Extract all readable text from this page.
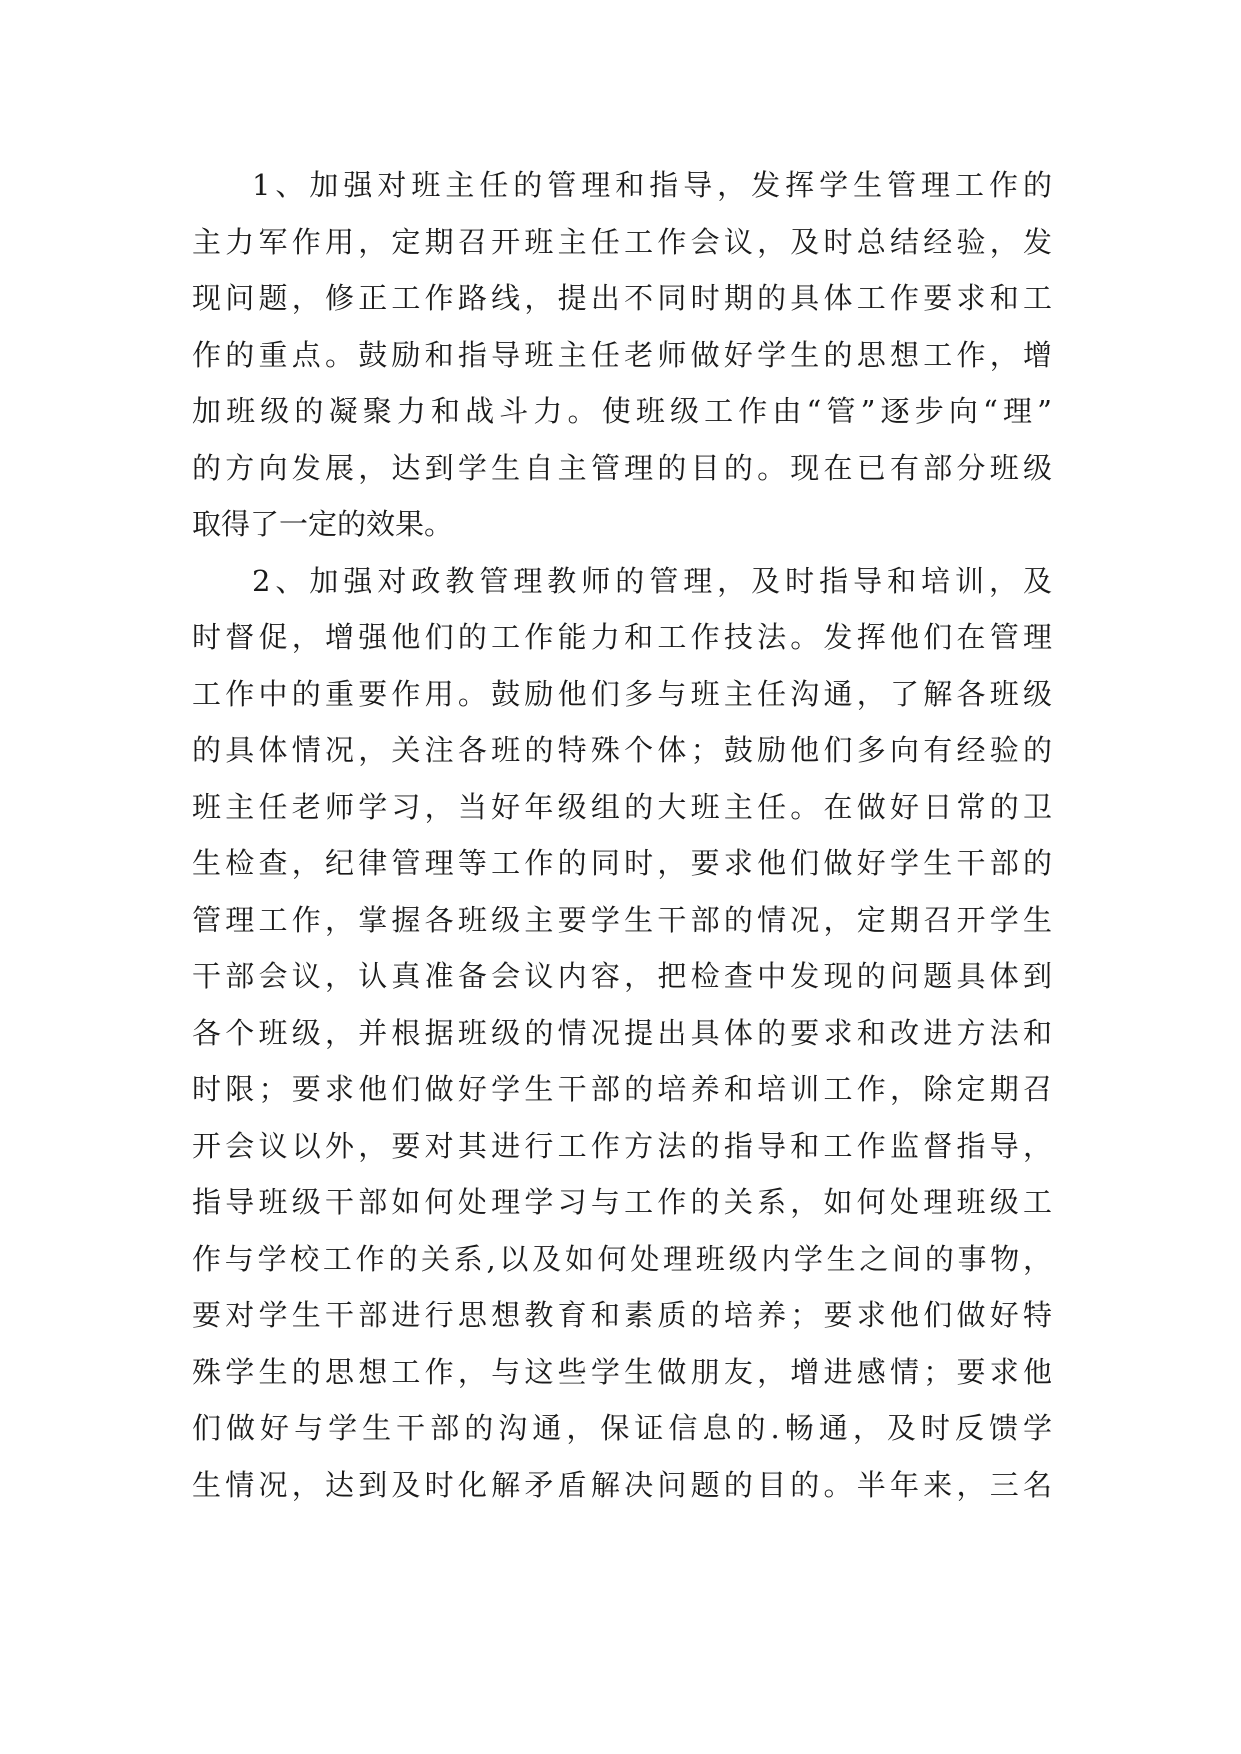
1、加强对班主任的管理和指导，发挥学生管理工作的
主力军作用，定期召开班主任工作会议，及时总结经验，发
现问题，修正工作路线，提出不同时期的具体工作要求和工
作的重点。鼓励和指导班主任老师做好学生的思想工作，增
加班级的凝聚力和战斗力。使班级工作由“管”逐步向“理”
的方向发展，达到学生自主管理的目的。现在已有部分班级
取得了一定的效果。
2、加强对政教管理教师的管理，及时指导和培训，及
时督促，增强他们的工作能力和工作技法。发挥他们在管理
工作中的重要作用。鼓励他们多与班主任沟通，了解各班级
的具体情况，关注各班的特殊个体；鼓励他们多向有经验的
班主任老师学习，当好年级组的大班主任。在做好日常的卫
生检查，纪律管理等工作的同时，要求他们做好学生干部的
管理工作，掌握各班级主要学生干部的情况，定期召开学生
干部会议，认真准备会议内容，把检查中发现的问题具体到
各个班级，并根据班级的情况提出具体的要求和改进方法和
时限；要求他们做好学生干部的培养和培训工作，除定期召
开会议以外，要对其进行工作方法的指导和工作监督指导，
指导班级干部如何处理学习与工作的关系，如何处理班级工
作与学校工作的关系,以及如何处理班级内学生之间的事物，
要对学生干部进行思想教育和素质的培养；要求他们做好特
殊学生的思想工作，与这些学生做朋友，增进感情；要求他
们做好与学生干部的沟通，保证信息的.畅通，及时反馈学
生情况，达到及时化解矛盾解决问题的目的。半年来，三名
